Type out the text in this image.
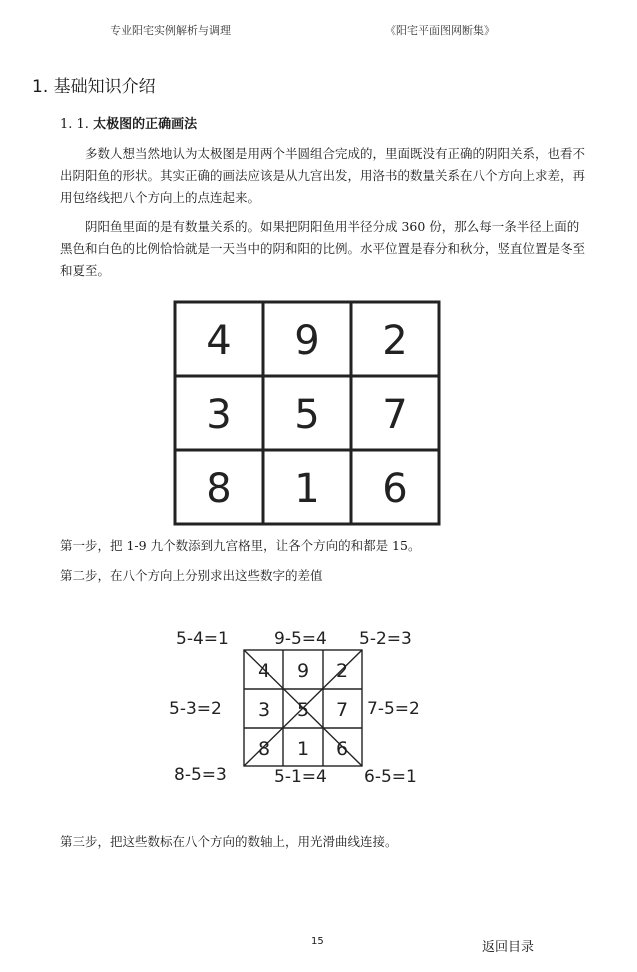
专业阳宅实例解析与调理	《阳宅平面图网断集》
1. 基础知识介绍
1. 1. 太极图的正确画法

多数人想当然地认为太极图是用两个半圆组合完成的，里面既没有正确的阴阳关系，也看不出阴阳鱼的形状。其实正确的画法应该是从九宫出发，用洛书的数量关系在八个方向上求差，再用包络线把八个方向上的点连起来。

阴阳鱼里面的是有数量关系的。如果把阴阳鱼用半径分成 360 份，那么每一条半径上面的黑色和白色的比例恰恰就是一天当中的阴和阳的比例。水平位置是春分和秋分，竖直位置是冬至和夏至。

4 9 2
3 5 7
8 1 6

第一步，把 1-9 九个数添到九宫格里，让各个方向的和都是 15。

第二步，在八个方向上分别求出这些数字的差值

4 9 2
3 5 7
8 1 6
5-4=1	9-5=4 5-2=3
5-3=2	7-5=2
8-5=3	5-1=4 6-5=1

第三步，把这些数标在八个方向的数轴上，用光滑曲线连接。

15	返回目录
